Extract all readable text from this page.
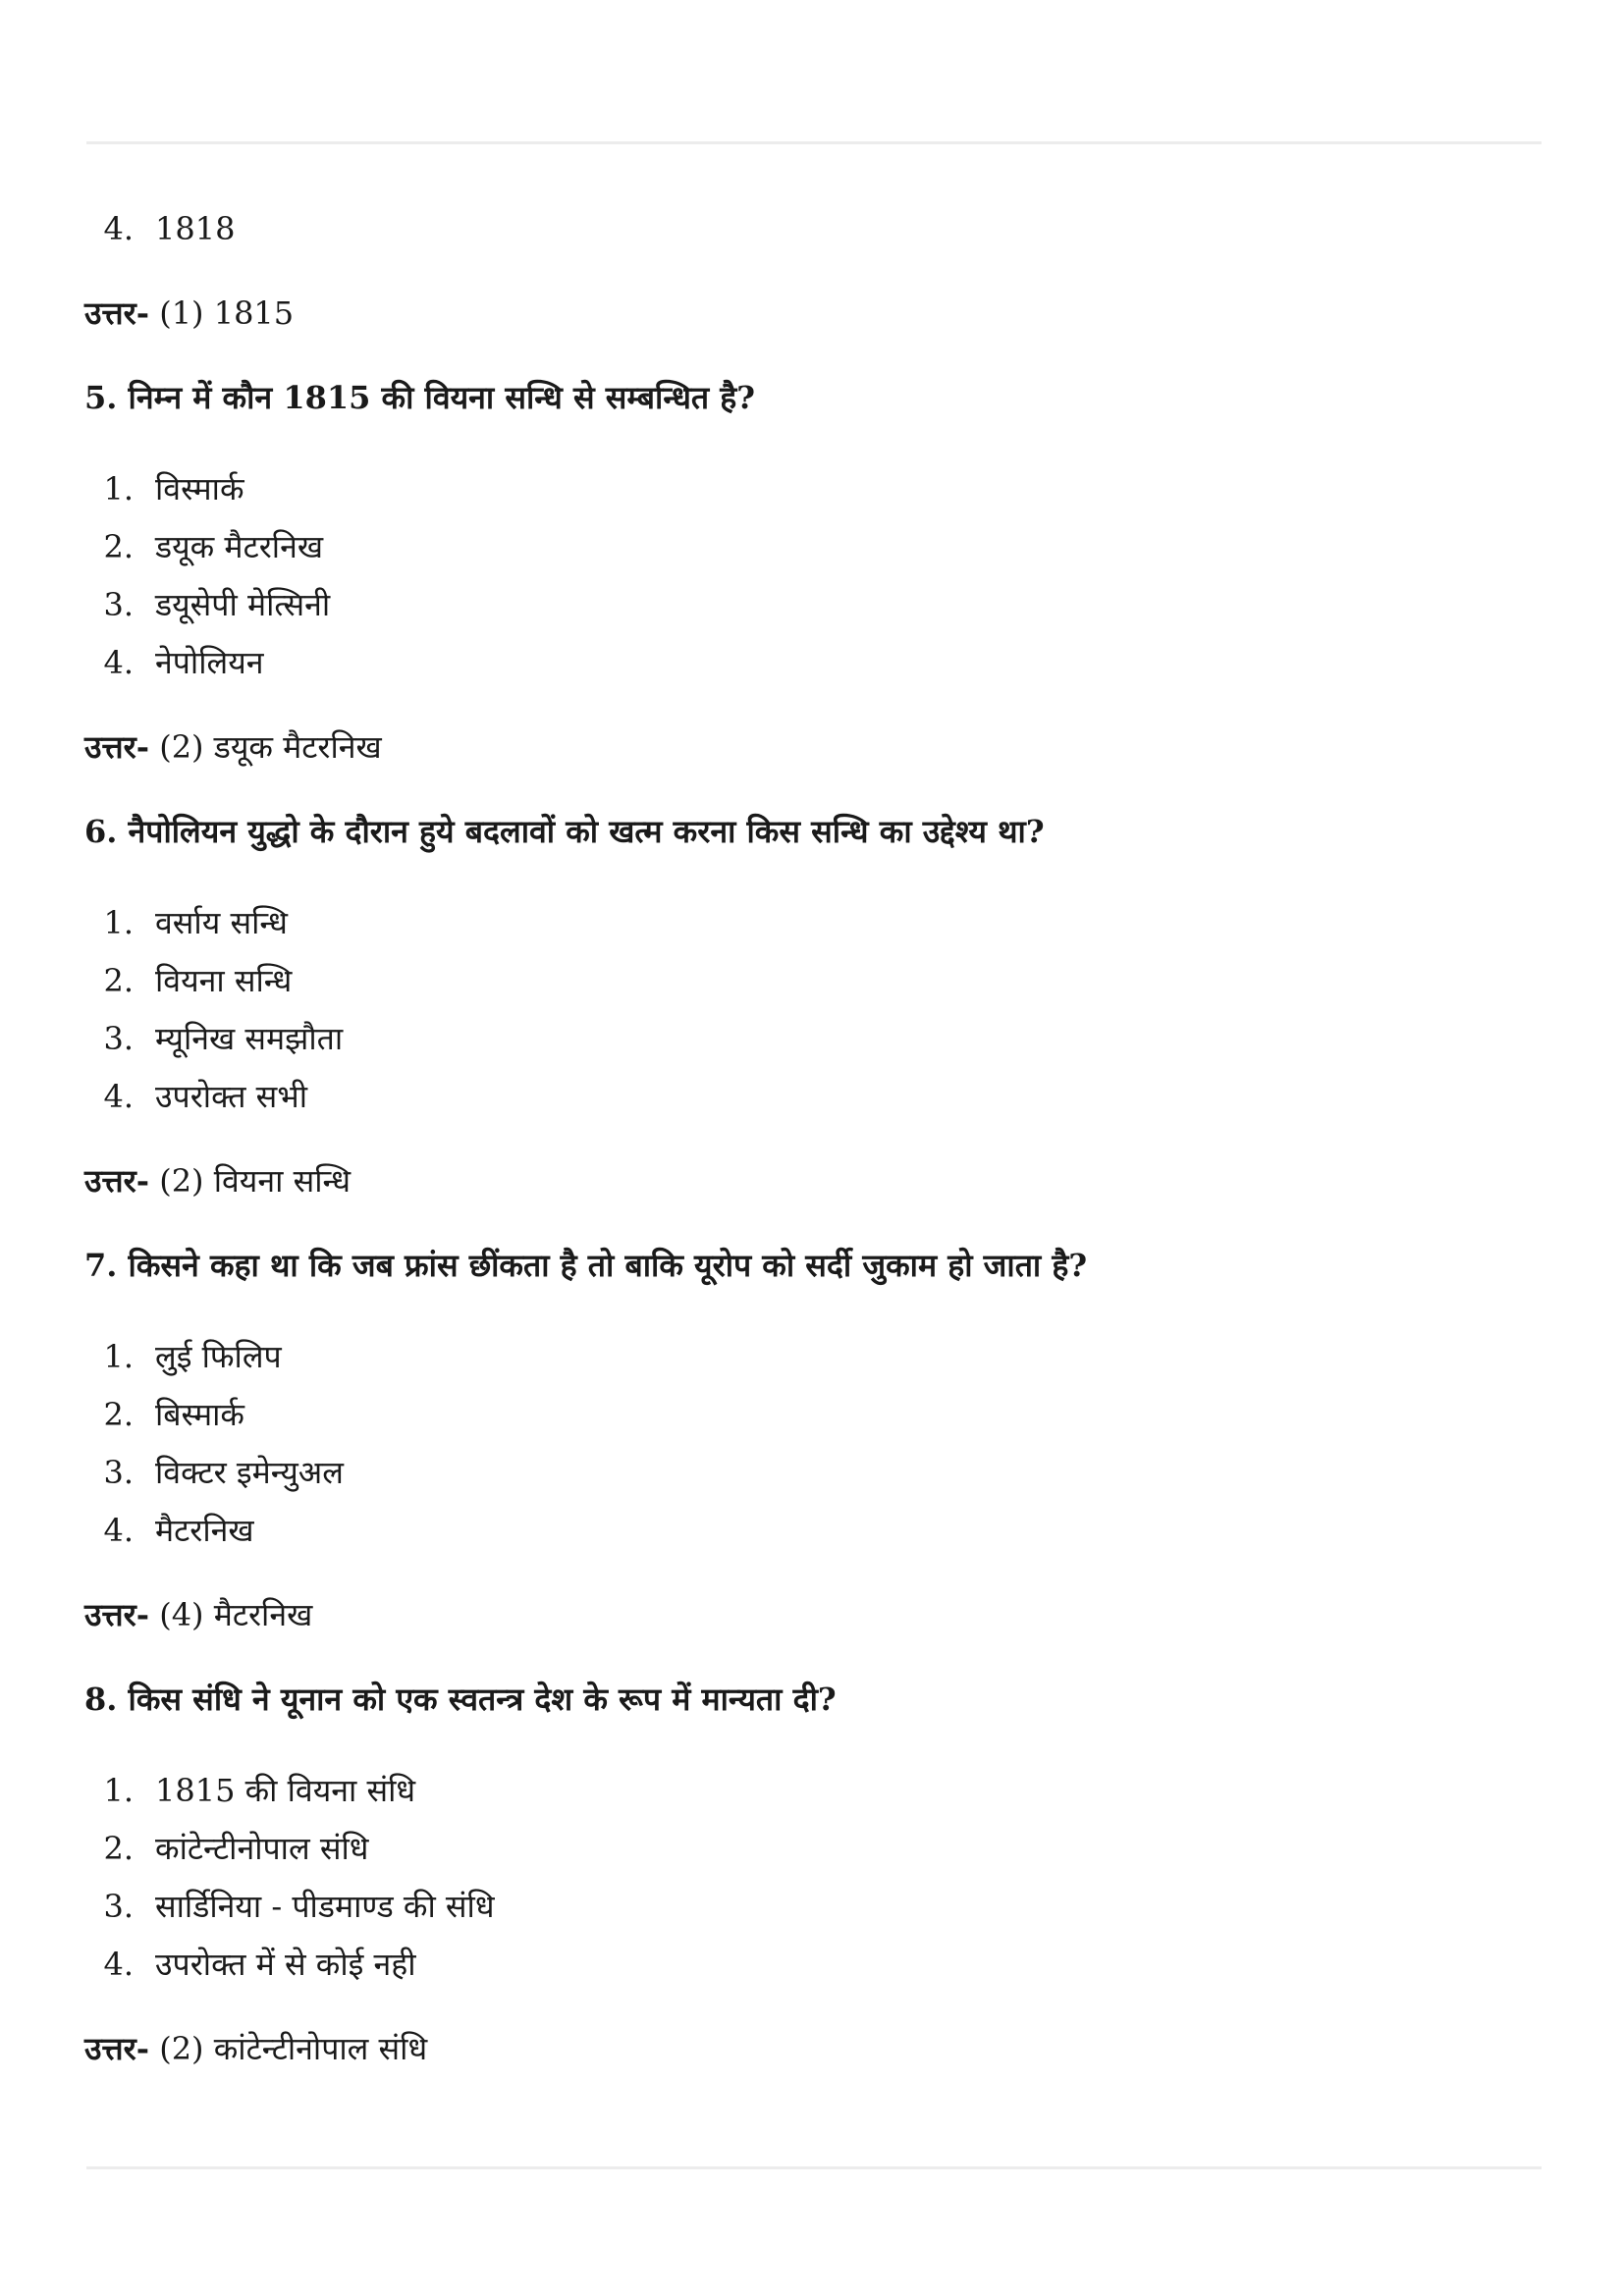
4. 1818

उत्तर- (1) 1815

5. निम्न में कौन 1815 की वियना सन्धि से सम्बन्धित है?

1. विस्मार्क
2. डयूक मैटरनिख
3. डयूसेपी मेत्सिनी
4. नेपोलियन

उत्तर- (2) डयूक मैटरनिख

6. नैपोलियन युद्धो के दौरान हुये बदलावों को खत्म करना किस सन्धि का उद्देश्य था?

1. वर्साय सन्धि
2. वियना सन्धि
3. म्यूनिख समझौता
4. उपरोक्त सभी

उत्तर- (2) वियना सन्धि

7. किसने कहा था कि जब फ्रांस छींकता है तो बाकि यूरोप को सर्दी जुकाम हो जाता है?

1. लुई फिलिप
2. बिस्मार्क
3. विक्टर इमेन्युअल
4. मैटरनिख

उत्तर- (4) मैटरनिख

8. किस संधि ने यूनान को एक स्वतन्त्र देश के रूप में मान्यता दी?

1. 1815 की वियना संधि
2. कांटेन्टीनोपाल संधि
3. सार्डिनिया - पीडमाण्ड की संधि
4. उपरोक्त में से कोई नही

उत्तर- (2) कांटेन्टीनोपाल संधि
